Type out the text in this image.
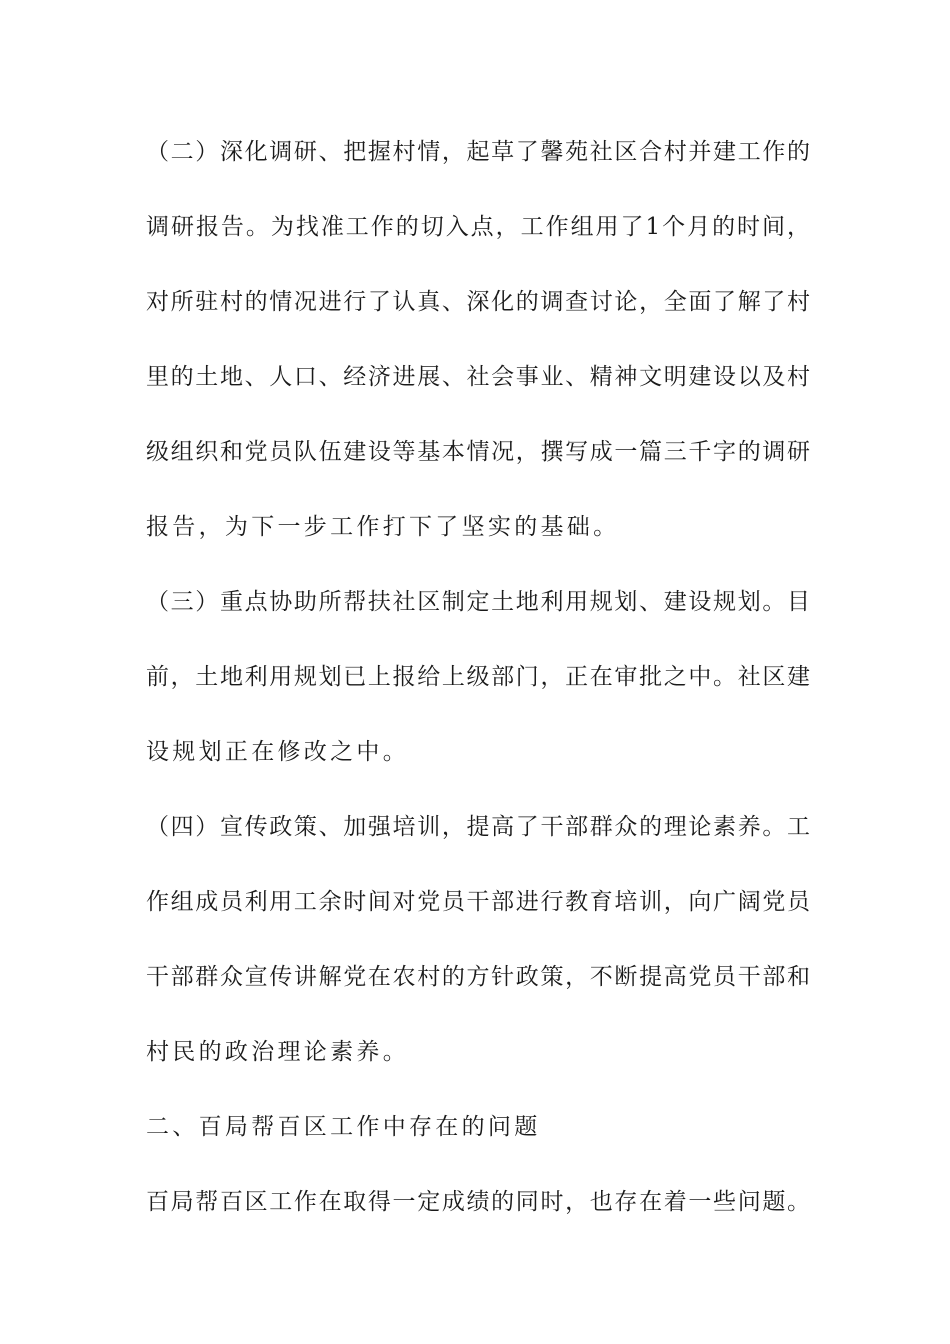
（二）深化调研、把握村情，起草了馨苑社区合村并建工作的
调研报告。为找准工作的切入点，工作组用了1个月的时间，
对所驻村的情况进行了认真、深化的调查讨论，全面了解了村
里的土地、人口、经济进展、社会事业、精神文明建设以及村
级组织和党员队伍建设等基本情况，撰写成一篇三千字的调研
报告，为下一步工作打下了坚实的基础。
（三）重点协助所帮扶社区制定土地利用规划、建设规划。目
前，土地利用规划已上报给上级部门，正在审批之中。社区建
设规划正在修改之中。
（四）宣传政策、加强培训，提高了干部群众的理论素养。工
作组成员利用工余时间对党员干部进行教育培训，向广阔党员
干部群众宣传讲解党在农村的方针政策，不断提高党员干部和
村民的政治理论素养。
二、百局帮百区工作中存在的问题
百局帮百区工作在取得一定成绩的同时，也存在着一些问题。
